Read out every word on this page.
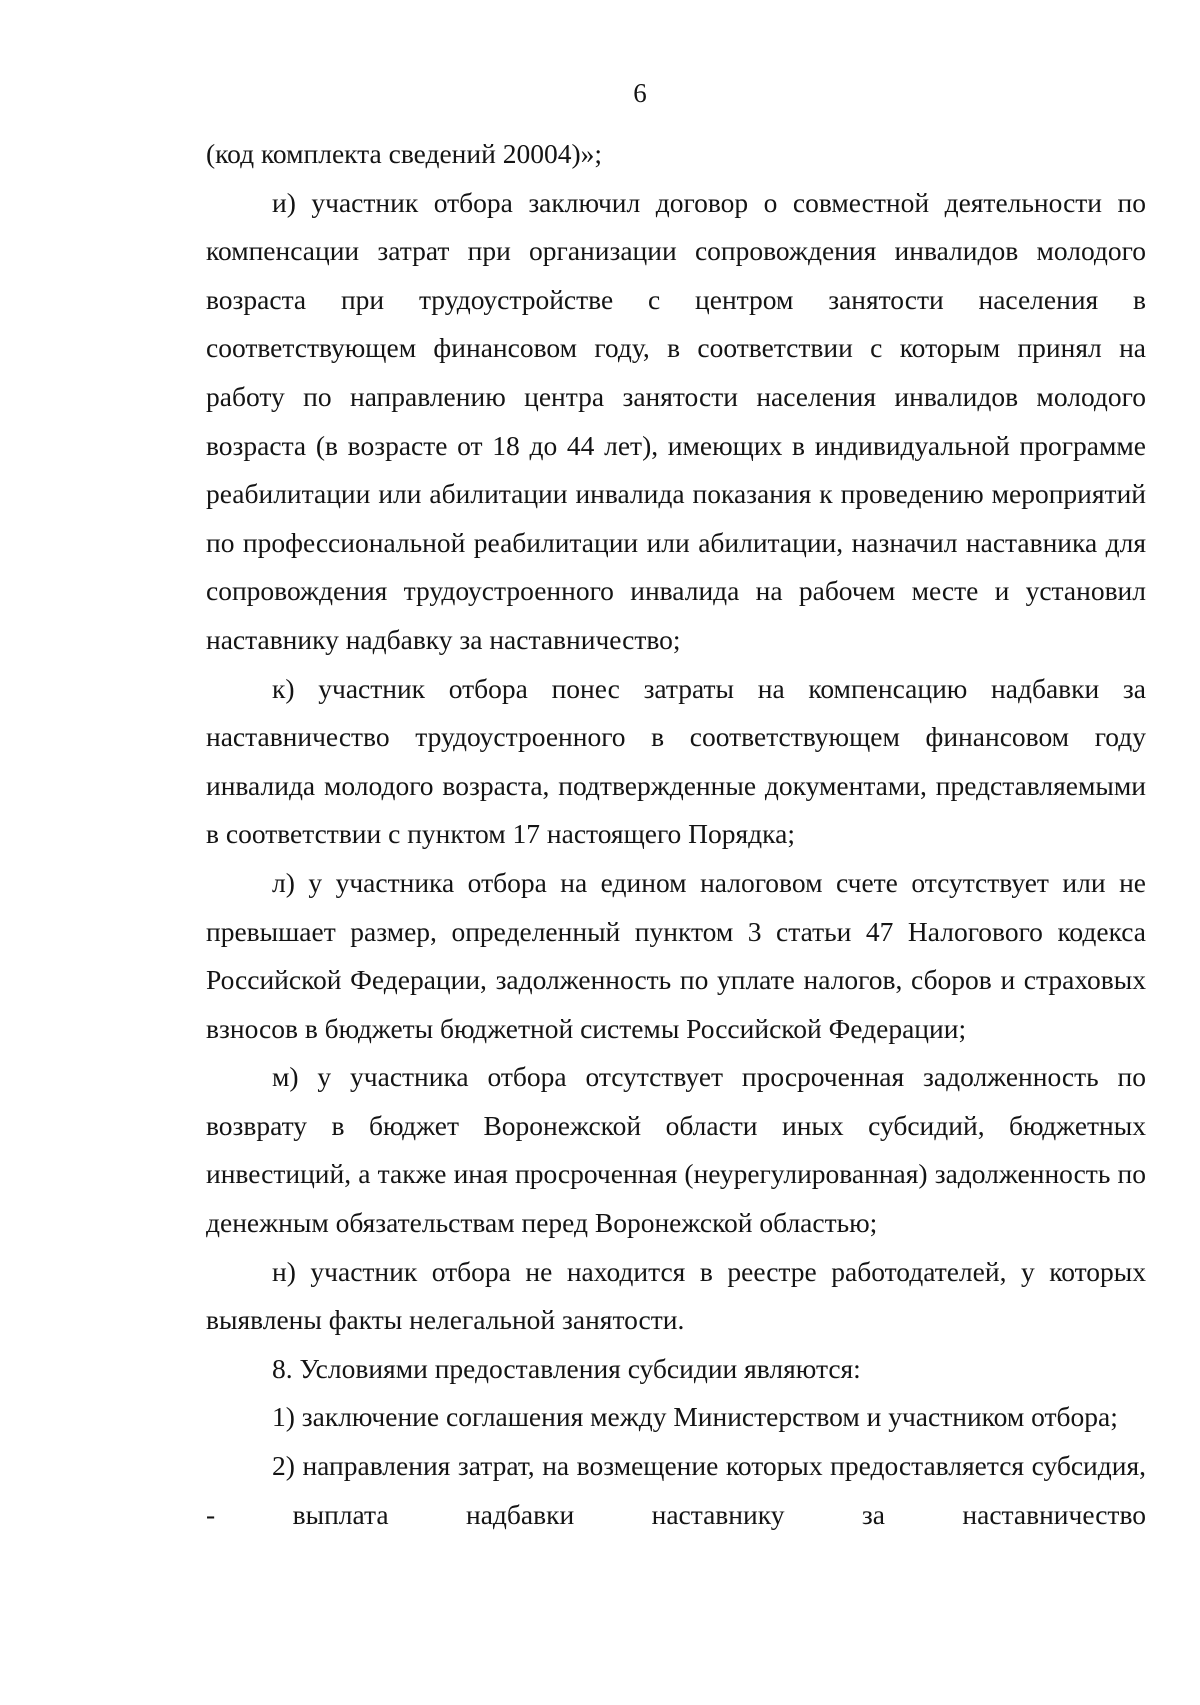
6

(код комплекта сведений 20004)»;

и) участник отбора заключил договор о совместной деятельности по компенсации затрат при организации сопровождения инвалидов молодого возраста при трудоустройстве с центром занятости населения в соответствующем финансовом году, в соответствии с которым принял на работу по направлению центра занятости населения инвалидов молодого возраста (в возрасте от 18 до 44 лет), имеющих в индивидуальной программе реабилитации или абилитации инвалида показания к проведению мероприятий по профессиональной реабилитации или абилитации, назначил наставника для сопровождения трудоустроенного инвалида на рабочем месте и установил наставнику надбавку за наставничество;

к) участник отбора понес затраты на компенсацию надбавки за наставничество трудоустроенного в соответствующем финансовом году инвалида молодого возраста, подтвержденные документами, представляемыми в соответствии с пунктом 17 настоящего Порядка;

л) у участника отбора на едином налоговом счете отсутствует или не превышает размер, определенный пунктом 3 статьи 47 Налогового кодекса Российской Федерации, задолженность по уплате налогов, сборов и страховых взносов в бюджеты бюджетной системы Российской Федерации;

м) у участника отбора отсутствует просроченная задолженность по возврату в бюджет Воронежской области иных субсидий, бюджетных инвестиций, а также иная просроченная (неурегулированная) задолженность по денежным обязательствам перед Воронежской областью;

н) участник отбора не находится в реестре работодателей, у которых выявлены факты нелегальной занятости.

8. Условиями предоставления субсидии являются:

1) заключение соглашения между Министерством и участником отбора;

2) направления затрат, на возмещение которых предоставляется субсидия, - выплата надбавки наставнику за наставничество
